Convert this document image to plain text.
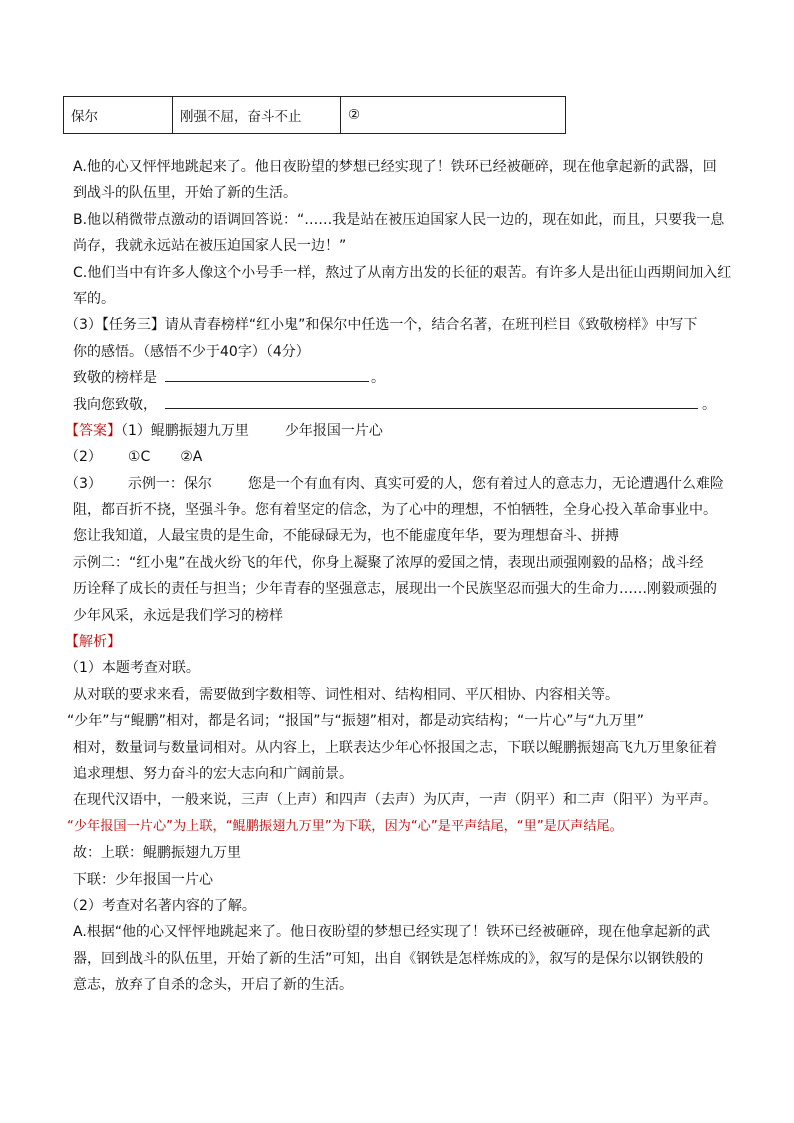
保尔	刚强不屈，奋斗不止	②
A.他的心又怦怦地跳起来了。他日夜盼望的梦想已经实现了！铁环已经被砸碎，现在他拿起新的武器，回
到战斗的队伍里，开始了新的生活。
B.他以稍微带点激动的语调回答说：“……我是站在被压迫国家人民一边的，现在如此，而且，只要我一息
尚存，我就永远站在被压迫国家人民一边！”
C.他们当中有许多人像这个小号手一样，熬过了从南方出发的长征的艰苦。有许多人是出征山西期间加入红
军的。
（3）【任务三】请从青春榜样“红小鬼”和保尔中任选一个，结合名著，在班刊栏目《致敬榜样》中写下
你的感悟。（感悟不少于40字）（4分）
致敬的榜样是	。
我向您致敬，	。
【答案】（1）鲲鹏振翅九万里	少年报国一片心
（2） ①C ②A
（3） 示例一：保尔	您是一个有血有肉、真实可爱的人，您有着过人的意志力，无论遭遇什么难险
阻，都百折不挠，坚强斗争。您有着坚定的信念，为了心中的理想，不怕牺牲，全身心投入革命事业中。
您让我知道，人最宝贵的是生命，不能碌碌无为，也不能虚度年华，要为理想奋斗、拼搏
示例二：“红小鬼”在战火纷飞的年代，你身上凝聚了浓厚的爱国之情，表现出顽强刚毅的品格；战斗经
历诠释了成长的责任与担当；少年青春的坚强意志，展现出一个民族坚忍而强大的生命力……刚毅顽强的
少年风采，永远是我们学习的榜样
【解析】
（1）本题考查对联。
从对联的要求来看，需要做到字数相等、词性相对、结构相同、平仄相协、内容相关等。
“少年”与“鲲鹏”相对，都是名词；“报国”与“振翅”相对，都是动宾结构；“一片心”与“九万里”
相对，数量词与数量词相对。从内容上，上联表达少年心怀报国之志，下联以鲲鹏振翅高飞九万里象征着
追求理想、努力奋斗的宏大志向和广阔前景。
在现代汉语中，一般来说，三声（上声）和四声（去声）为仄声，一声（阴平）和二声（阳平）为平声。
“少年报国一片心”为上联，“鲲鹏振翅九万里”为下联，因为“心”是平声结尾，“里”是仄声结尾。
故：上联：鲲鹏振翅九万里
下联：少年报国一片心
（2）考查对名著内容的了解。
A.根据“他的心又怦怦地跳起来了。他日夜盼望的梦想已经实现了！铁环已经被砸碎，现在他拿起新的武
器，回到战斗的队伍里，开始了新的生活”可知，出自《钢铁是怎样炼成的》，叙写的是保尔以钢铁般的
意志，放弃了自杀的念头，开启了新的生活。
